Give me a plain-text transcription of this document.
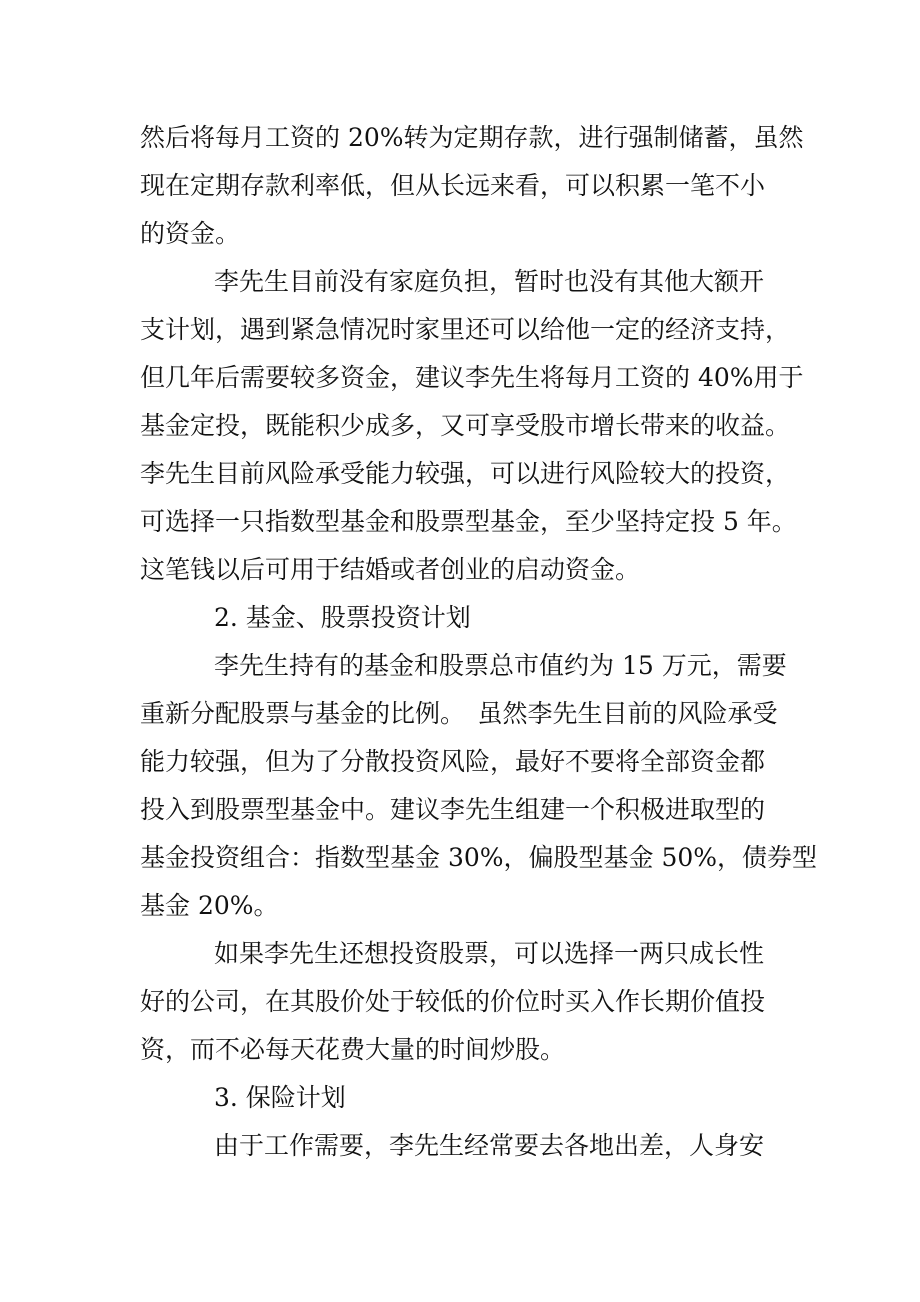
然后将每月工资的 20%转为定期存款，进行强制储蓄，虽然
现在定期存款利率低，但从长远来看，可以积累一笔不小
的资金。
李先生目前没有家庭负担，暂时也没有其他大额开
支计划，遇到紧急情况时家里还可以给他一定的经济支持，
但几年后需要较多资金，建议李先生将每月工资的 40%用于
基金定投，既能积少成多，又可享受股市增长带来的收益。
李先生目前风险承受能力较强，可以进行风险较大的投资，
可选择一只指数型基金和股票型基金，至少坚持定投 5 年。
这笔钱以后可用于结婚或者创业的启动资金。
2. 基金、股票投资计划
李先生持有的基金和股票总市值约为 15 万元，需要
重新分配股票与基金的比例。　虽然李先生目前的风险承受
能力较强，但为了分散投资风险，最好不要将全部资金都
投入到股票型基金中。建议李先生组建一个积极进取型的
基金投资组合：指数型基金 30%，偏股型基金 50%，债券型
基金 20%。
如果李先生还想投资股票，可以选择一两只成长性
好的公司，在其股价处于较低的价位时买入作长期价值投
资，而不必每天花费大量的时间炒股。
3. 保险计划
由于工作需要，李先生经常要去各地出差，人身安
